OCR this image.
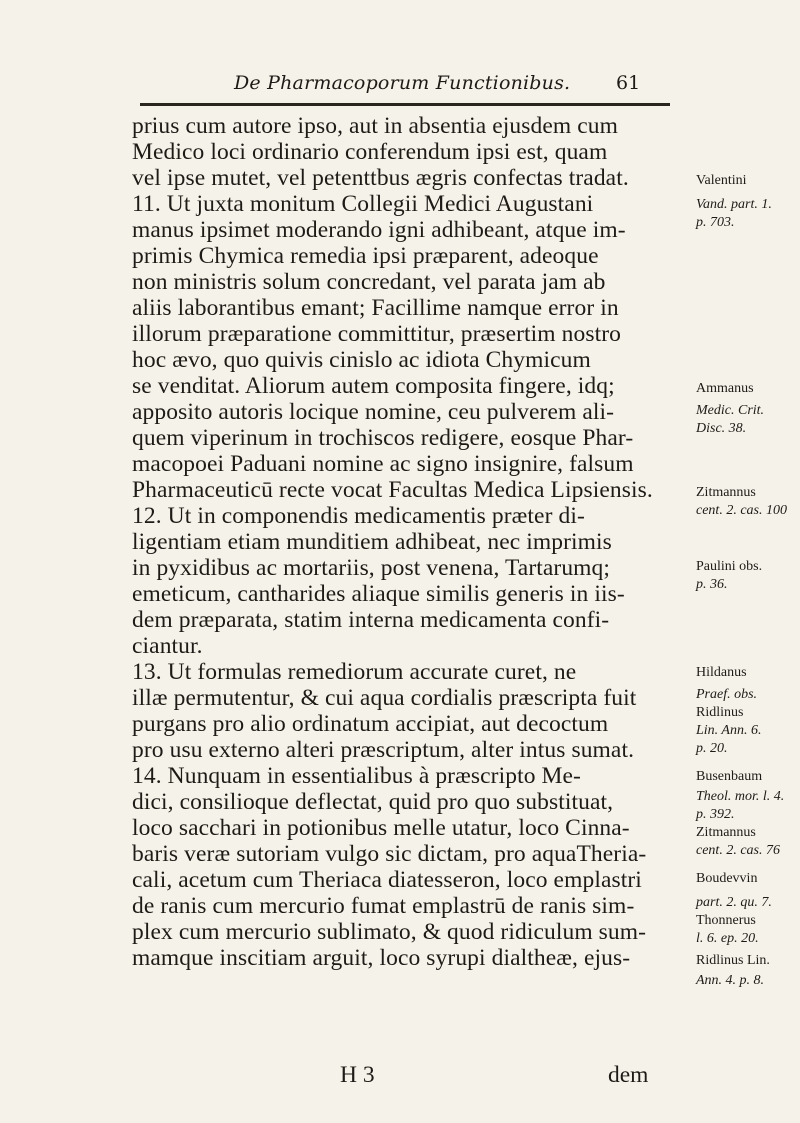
De Pharmacoporum Functionibus. 61
prius cum autore ipso, aut in absentia ejusdem cum
Medico loci ordinario conferendum ipsi est, quam
vel ipse mutet, vel petenttbus ægris confectas tradat.
11. Ut juxta monitum Collegii Medici Augustani
manus ipsimet moderando igni adhibeant, atque im-
primis Chymica remedia ipsi præparent, adeoque
non ministris solum concredant, vel parata jam ab
aliis laborantibus emant; Facillime namque error in
illorum præparatione committitur, præsertim nostro
hoc ævo, quo quivis cinislo ac idiota Chymicum
se venditat. Aliorum autem composita fingere, idq;
apposito autoris locique nomine, ceu pulverem ali-
quem viperinum in trochiscos redigere, eosque Phar-
macopoei Paduani nomine ac signo insignire, falsum
Pharmaceuticū recte vocat Facultas Medica Lipsiensis.
12. Ut in componendis medicamentis præter di-
ligentiam etiam munditiem adhibeat, nec imprimis
in pyxidibus ac mortariis, post venena, Tartarumq;
emeticum, cantharides aliaque similis generis in iis-
dem præparata, statim interna medicamenta confi-
ciantur.
13. Ut formulas remediorum accurate curet, ne
illæ permutentur, & cui aqua cordialis præscripta fuit
purgans pro alio ordinatum accipiat, aut decoctum
pro usu externo alteri præscriptum, alter intus sumat.
14. Nunquam in essentialibus à præscripto Me-
dici, consilioque deflectat, quid pro quo substituat,
loco sacchari in potionibus melle utatur, loco Cinna-
baris veræ sutoriam vulgo sic dictam, pro aquaTheria-
cali, acetum cum Theriaca diatesseron, loco emplastri
de ranis cum mercurio fumat emplastrū de ranis sim-
plex cum mercurio sublimato, & quod ridiculum sum-
mamque inscitiam arguit, loco syrupi dialtheæ, ejus-
Valentini
Vand. part. 1.
p. 703.
Ammanus
Medic. Crit.
Disc. 38.
Zitmannus
cent. 2. cas. 100
Paulini obs.
p. 36.
Hildanus
Praef. obs.
Ridlinus
Lin. Ann. 6.
p. 20.
Busenbaum
Theol. mor. l. 4.
p. 392.
Zitmannus
cent. 2. cas. 76
Boudevvin
part. 2. qu. 7.
Thonnerus
l. 6. ep. 20.
Ridlinus Lin.
Ann. 4. p. 8.
H 3	dem
